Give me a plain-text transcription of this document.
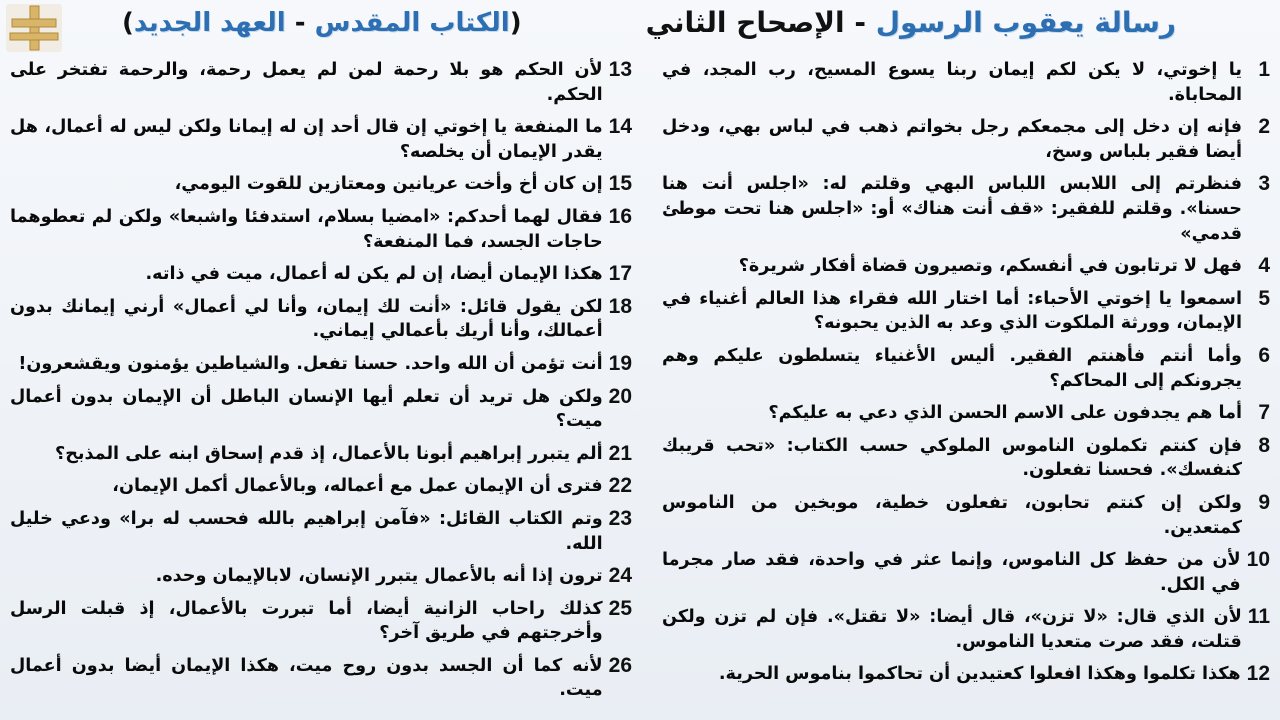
(الكتاب المقدس - العهد الجديد)	رسالة يعقوب الرسول - الإصحاح الثاني
1
يا إخوتي، لا يكن لكم إيمان ربنا يسوع المسيح، رب المجد، في المحاباة.
2
فإنه إن دخل إلى مجمعكم رجل بخواتم ذهب في لباس بهي، ودخل أيضا فقير بلباس وسخ،
3
فنظرتم إلى اللابس اللباس البهي وقلتم له: «اجلس أنت هنا حسنا». وقلتم للفقير: «قف أنت هناك» أو: «اجلس هنا تحت موطئ قدمي»
4
فهل لا ترتابون في أنفسكم، وتصيرون قضاة أفكار شريرة؟
5
اسمعوا يا إخوتي الأحباء: أما اختار الله فقراء هذا العالم أغنياء في الإيمان، وورثة الملكوت الذي وعد به الذين يحبونه؟
6
وأما أنتم فأهنتم الفقير. أليس الأغنياء يتسلطون عليكم وهم يجرونكم إلى المحاكم؟
7
أما هم يجدفون على الاسم الحسن الذي دعي به عليكم؟
8
فإن كنتم تكملون الناموس الملوكي حسب الكتاب: «تحب قريبك كنفسك». فحسنا تفعلون.
9
ولكن إن كنتم تحابون، تفعلون خطية، موبخين من الناموس كمتعدين.
10
لأن من حفظ كل الناموس، وإنما عثر في واحدة، فقد صار مجرما في الكل.
11
لأن الذي قال: «لا تزن»، قال أيضا: «لا تقتل». فإن لم تزن ولكن قتلت، فقد صرت متعديا الناموس.
12
هكذا تكلموا وهكذا افعلوا كعتيدين أن تحاكموا بناموس الحرية.
13
لأن الحكم هو بلا رحمة لمن لم يعمل رحمة، والرحمة تفتخر على الحكم.
14
ما المنفعة يا إخوتي إن قال أحد إن له إيمانا ولكن ليس له أعمال، هل يقدر الإيمان أن يخلصه؟
15
إن كان أخ وأخت عريانين ومعتازين للقوت اليومي،
16
فقال لهما أحدكم: «امضيا بسلام، استدفئا واشبعا» ولكن لم تعطوهما حاجات الجسد، فما المنفعة؟
17
هكذا الإيمان أيضا، إن لم يكن له أعمال، ميت في ذاته.
18
لكن يقول قائل: «أنت لك إيمان، وأنا لي أعمال» أرني إيمانك بدون أعمالك، وأنا أريك بأعمالي إيماني.
19
أنت تؤمن أن الله واحد. حسنا تفعل. والشياطين يؤمنون ويقشعرون!
20
ولكن هل تريد أن تعلم أيها الإنسان الباطل أن الإيمان بدون أعمال ميت؟
21
ألم يتبرر إبراهيم أبونا بالأعمال، إذ قدم إسحاق ابنه على المذبح؟
22
فترى أن الإيمان عمل مع أعماله، وبالأعمال أكمل الإيمان،
23
وتم الكتاب القائل: «فآمن إبراهيم بالله فحسب له برا» ودعي خليل الله.
24
ترون إذا أنه بالأعمال يتبرر الإنسان، لابالإيمان وحده.
25
كذلك راحاب الزانية أيضا، أما تبررت بالأعمال، إذ قبلت الرسل وأخرجتهم في طريق آخر؟
26
لأنه كما أن الجسد بدون روح ميت، هكذا الإيمان أيضا بدون أعمال ميت.
